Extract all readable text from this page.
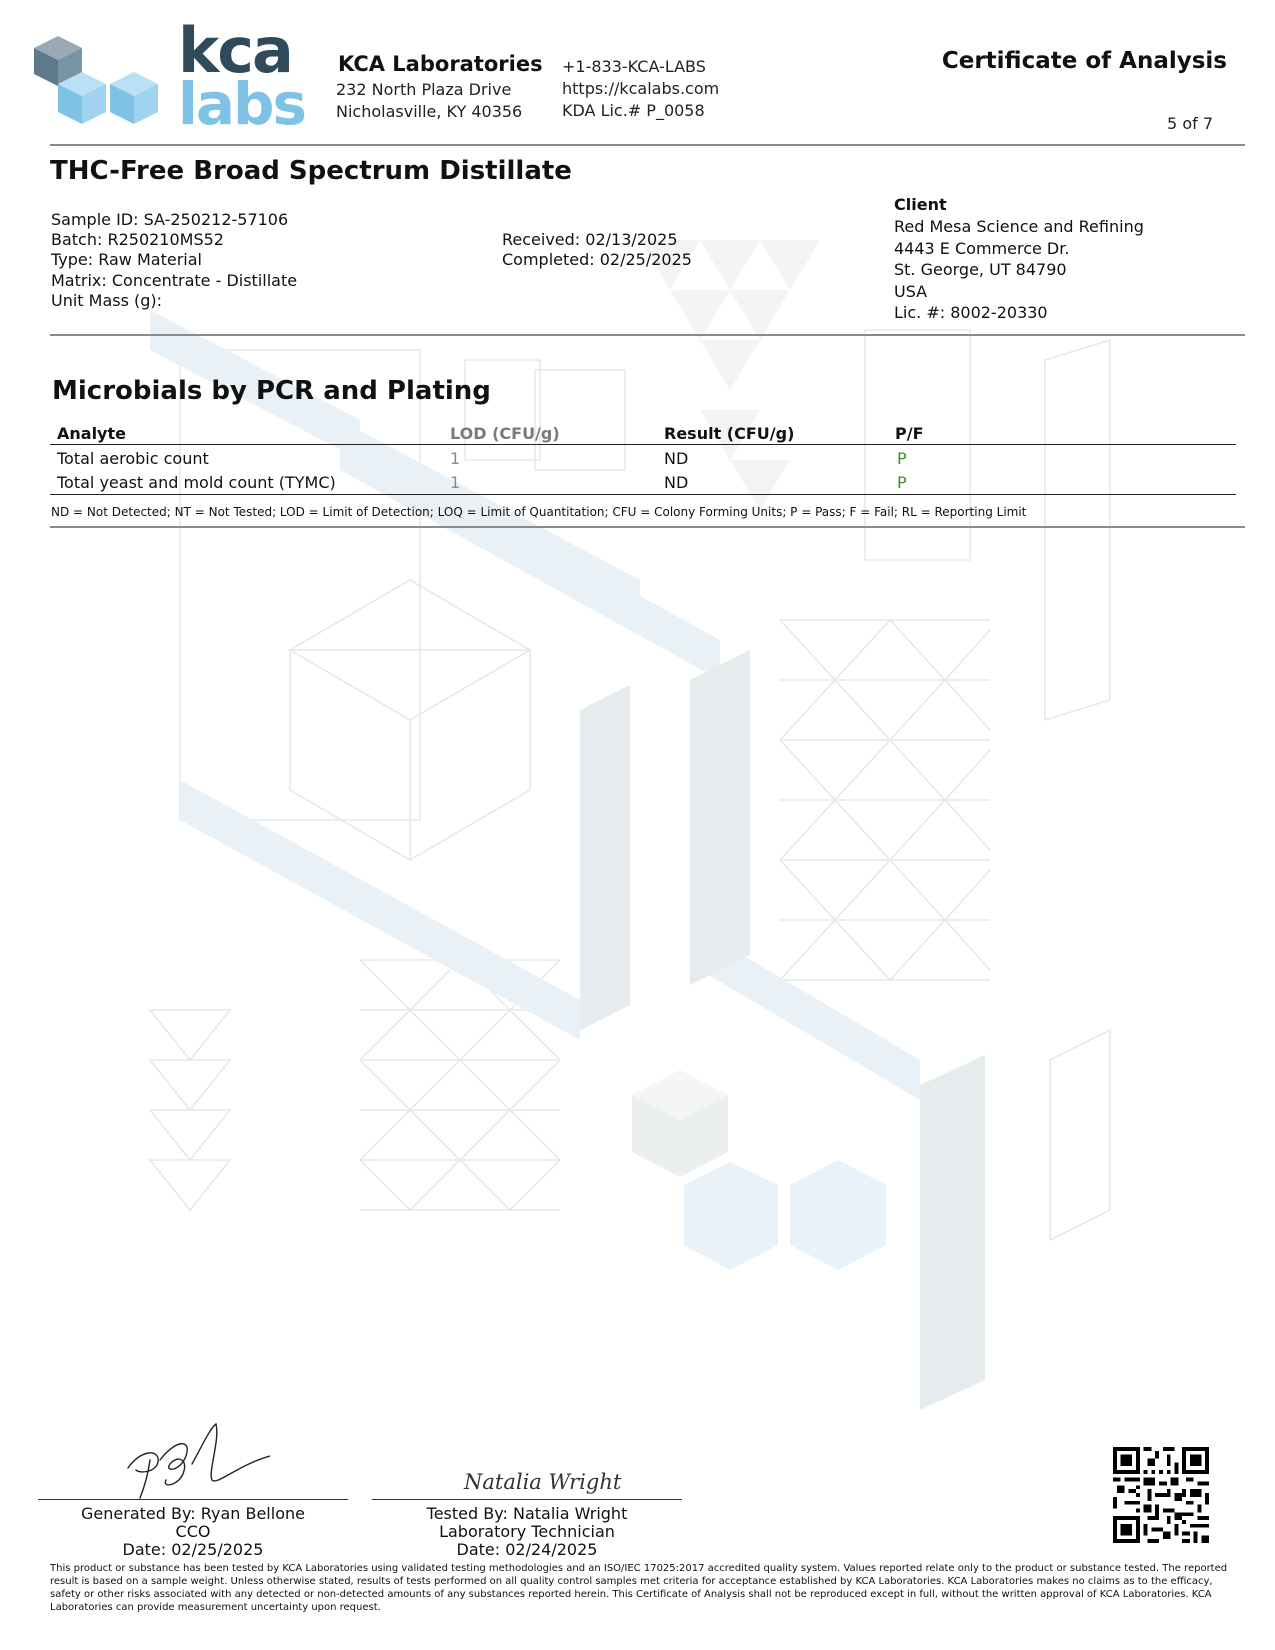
kca
labs
KCA Laboratories
232 North Plaza Drive
Nicholasville, KY 40356
+1-833-KCA-LABS
https://kcalabs.com
KDA Lic.# P_0058
Certificate of Analysis
5 of 7
THC-Free Broad Spectrum Distillate
Sample ID: SA-250212-57106
Batch: R250210MS52
Type: Raw Material
Matrix: Concentrate - Distillate
Unit Mass (g):
Received: 02/13/2025
Completed: 02/25/2025
Client
Red Mesa Science and Refining
4443 E Commerce Dr.
St. George, UT 84790
USA
Lic. #: 8002-20330
Microbials by PCR and Plating
Analyte	LOD (CFU/g)	Result (CFU/g)	P/F
Total aerobic count	1	ND	P
Total yeast and mold count (TYMC)	1	ND	P
ND = Not Detected; NT = Not Tested; LOD = Limit of Detection; LOQ = Limit of Quantitation; CFU = Colony Forming Units; P = Pass; F = Fail; RL = Reporting Limit
Generated By: Ryan Bellone
CCO
Date: 02/25/2025
Natalia Wright
Tested By: Natalia Wright
Laboratory Technician
Date: 02/24/2025
This product or substance has been tested by KCA Laboratories using validated testing methodologies and an ISO/IEC 17025:2017 accredited quality system. Values reported relate only to the product or substance tested. The reported result is based on a sample weight. Unless otherwise stated, results of tests performed on all quality control samples met criteria for acceptance established by KCA Laboratories. KCA Laboratories makes no claims as to the efficacy, safety or other risks associated with any detected or non-detected amounts of any substances reported herein. This Certificate of Analysis shall not be reproduced except in full, without the written approval of KCA Laboratories. KCA Laboratories can provide measurement uncertainty upon request.
